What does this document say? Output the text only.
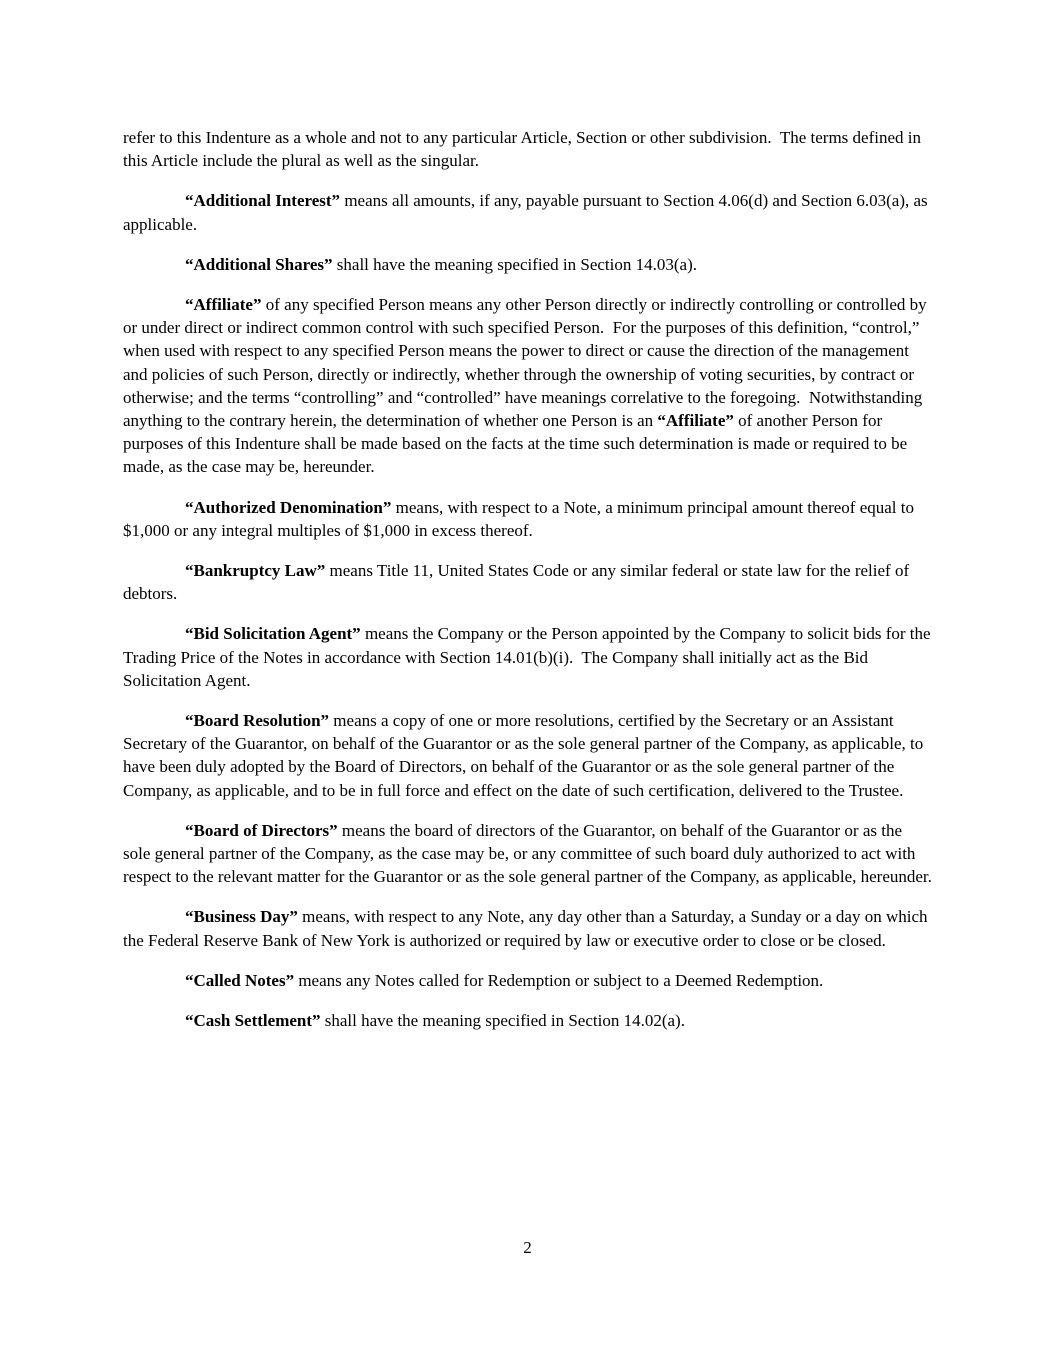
refer to this Indenture as a whole and not to any particular Article, Section or other subdivision.  The terms defined in this Article include the plural as well as the singular.

“Additional Interest” means all amounts, if any, payable pursuant to Section 4.06(d) and Section 6.03(a), as applicable.

“Additional Shares” shall have the meaning specified in Section 14.03(a).

“Affiliate” of any specified Person means any other Person directly or indirectly controlling or controlled by or under direct or indirect common control with such specified Person.  For the purposes of this definition, “control,” when used with respect to any specified Person means the power to direct or cause the direction of the management and policies of such Person, directly or indirectly, whether through the ownership of voting securities, by contract or otherwise; and the terms “controlling” and “controlled” have meanings correlative to the foregoing.  Notwithstanding anything to the contrary herein, the determination of whether one Person is an “Affiliate” of another Person for purposes of this Indenture shall be made based on the facts at the time such determination is made or required to be made, as the case may be, hereunder.

“Authorized Denomination” means, with respect to a Note, a minimum principal amount thereof equal to $1,000 or any integral multiples of $1,000 in excess thereof.

“Bankruptcy Law” means Title 11, United States Code or any similar federal or state law for the relief of debtors.

“Bid Solicitation Agent” means the Company or the Person appointed by the Company to solicit bids for the Trading Price of the Notes in accordance with Section 14.01(b)(i).  The Company shall initially act as the Bid Solicitation Agent.

“Board Resolution” means a copy of one or more resolutions, certified by the Secretary or an Assistant Secretary of the Guarantor, on behalf of the Guarantor or as the sole general partner of the Company, as applicable, to have been duly adopted by the Board of Directors, on behalf of the Guarantor or as the sole general partner of the Company, as applicable, and to be in full force and effect on the date of such certification, delivered to the Trustee.

“Board of Directors” means the board of directors of the Guarantor, on behalf of the Guarantor or as the sole general partner of the Company, as the case may be, or any committee of such board duly authorized to act with respect to the relevant matter for the Guarantor or as the sole general partner of the Company, as applicable, hereunder.

“Business Day” means, with respect to any Note, any day other than a Saturday, a Sunday or a day on which the Federal Reserve Bank of New York is authorized or required by law or executive order to close or be closed.

“Called Notes” means any Notes called for Redemption or subject to a Deemed Redemption.

“Cash Settlement” shall have the meaning specified in Section 14.02(a).

2
